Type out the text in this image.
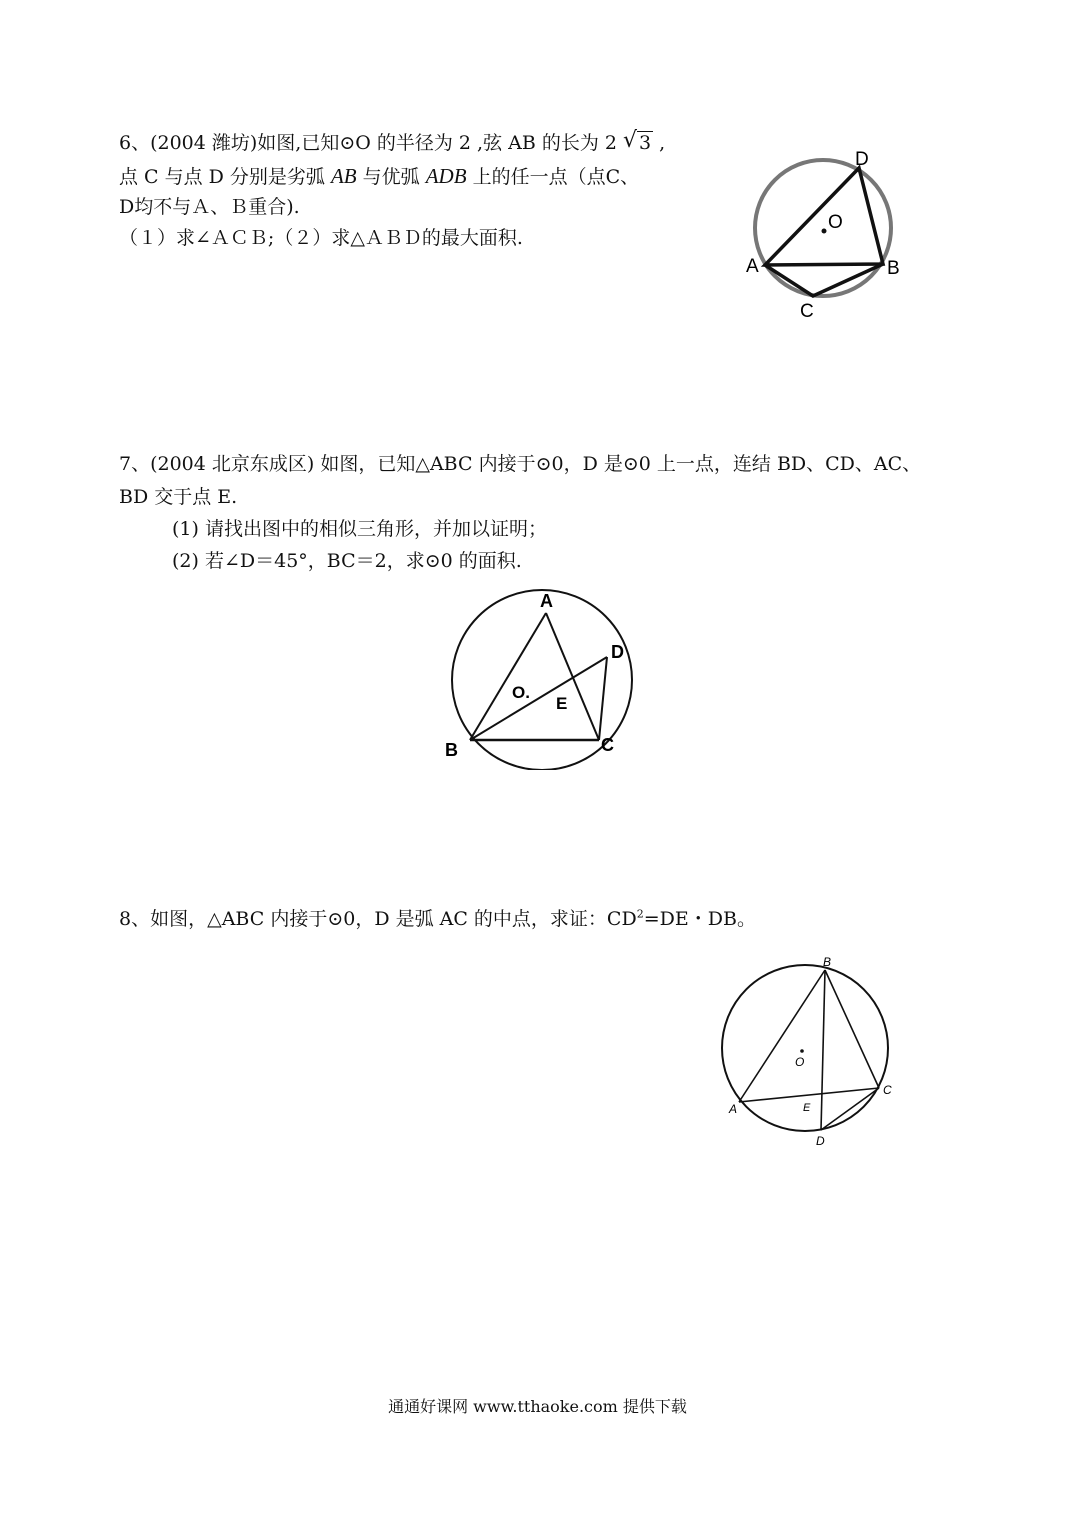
6、(2004 潍坊)如图,已知⊙O 的半径为 2 ,弦 AB 的长为 2 √ 3 ,
点 C 与点 D 分别是劣弧 AB 与优弧 ADB 上的任一点（点C、
D均不与Ａ、Ｂ重合).
（１）求∠ＡＣＢ;（２）求△ＡＢＤ的最大面积.
O
D
A	B
C
7、(2004 北京东成区) 如图，已知△ABC 内接于⊙0，D 是⊙0 上一点，连结 BD、CD、AC、
BD 交于点 E.
(1) 请找出图中的相似三角形，并加以证明；
(2) 若∠D＝45°，BC＝2，求⊙0 的面积.
A
D
O.
E
B	C
8、如图，△ABC 内接于⊙0，D 是弧 AC 的中点，求证：$CD^2=DE$・DB。
B
O
C
A	E
D
通通好课网 www.tthaoke.com 提供下载
